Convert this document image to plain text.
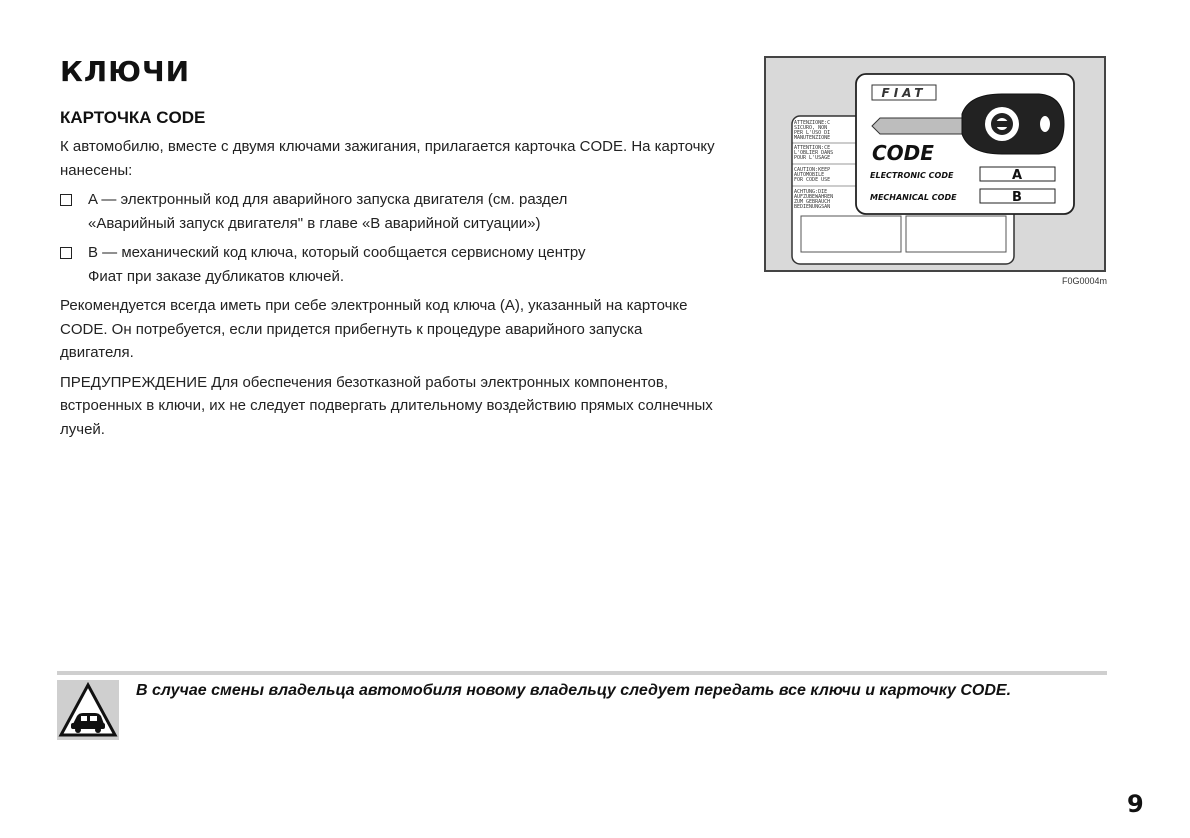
КЛЮЧИ
КАРТОЧКА CODE

К автомобилю, вместе с двумя ключами зажигания, прилагается карточка CODE. На карточку нанесены:

A — электронный код для аварийного запуска двигателя (см. раздел
«Аварийный запуск двигателя" в главе «В аварийной ситуации»)
B — механический код ключа, который сообщается сервисному центру
Фиат при заказе дубликатов ключей.

Рекомендуется всегда иметь при себе электронный код ключа (A), указанный на карточке CODE. Он потребуется, если придется прибегнуть к процедуре аварийного запуска двигателя.

ПРЕДУПРЕЖДЕНИЕ Для обеспечения безотказной работы электронных компонентов, встроенных в ключи, их не следует подвергать длительному воздействию прямых солнечных лучей.

ATTENZIONE:C
SICURO, NON
PER L'USO DI
MANUTENZIONE
ATTENTION:CE
L'OBLIER DANS
POUR L'USAGE
CAUTION:KEEP
AUTOMOBILE
FOR CODE USE
ACHTUNG:DIE
AUFZUBEWAHREN
ZUM GEBRAUCH
BEDIENUNGSAN
FIAT
CODE
ELECTRONIC CODE	A
MECHANICAL CODE	B
F0G0004m

В случае смены владельца автомобиля новому владельцу следует передать все ключи и карточку CODE.

9
